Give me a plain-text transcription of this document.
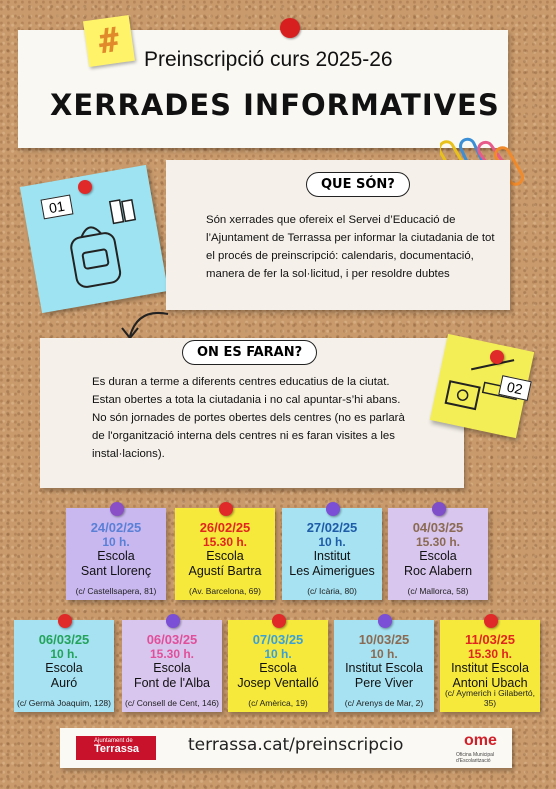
#	Preinscripció curs 2025-26
XERRADES INFORMATIVES
01
QUE SÓN?
Són xerrades que ofereix el Servei d’Educació de l’Ajuntament de Terrassa per informar la ciutadania de tot el procés de preinscripció: calendaris, documentació, manera de fer la sol·licitud, i per resoldre dubtes
ON ES FARAN?
Es duran a terme a diferents centres educatius de la ciutat. Estan obertes a tota la ciutadania i no cal apuntar-s’hi abans.
No són jornades de portes obertes dels centres (no es parlarà de l'organització interna dels centres ni es faran visites a les instal·lacions).
02
24/02/25
10 h.
Escola
Sant Llorenç
(c/ Castellsapera, 81)
26/02/25
15.30 h.
Escola
Agustí Bartra
(Av. Barcelona, 69)
27/02/25
10 h.
Institut
Les Aimerigues
(c/ Icària, 80)
04/03/25
15.30 h.
Escola
Roc Alabern
(c/ Mallorca, 58)
06/03/25
10 h.
Escola
Auró
(c/ Germà Joaquim, 128)
06/03/25
15.30 h.
Escola
Font de l'Alba
(c/ Consell de Cent, 146)
07/03/25
10 h.
Escola
Josep Ventalló
(c/ Amèrica, 19)
10/03/25
10 h.
Institut Escola
Pere Viver
(c/ Arenys de Mar, 2)
11/03/25
15.30 h.
Institut Escola
Antoni Ubach
(c/ Aymerich i Gilabertó, 35)
Ajuntament de
Terrassa	terrassa.cat/preinscripcio	ome
Oficina Municipal d'Escolarització
